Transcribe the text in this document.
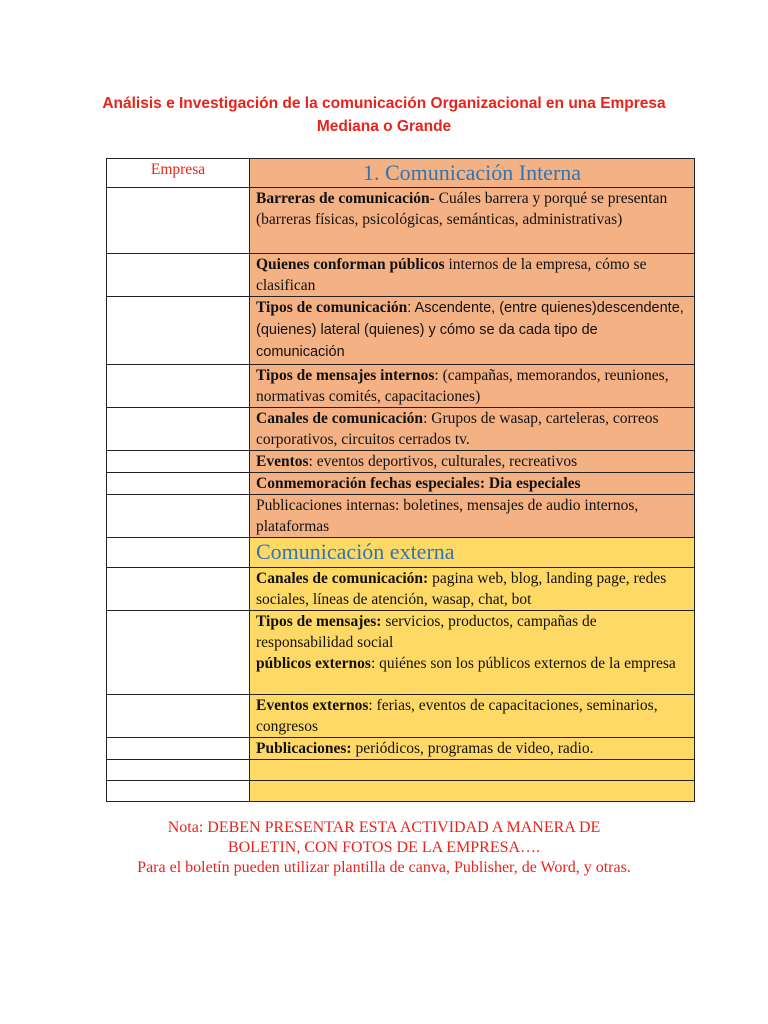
Análisis e Investigación de la comunicación Organizacional en una Empresa
Mediana o Grande
Empresa	1. Comunicación Interna
	Barreras de comunicación- Cuáles barrera y porqué se presentan (barreras físicas, psicológicas, semánticas, administrativas)
	Quienes conforman públicos internos de la empresa, cómo se clasifican
	Tipos de comunicación: Ascendente, (entre quienes)descendente, (quienes) lateral (quienes) y cómo se da cada tipo de comunicación
	Tipos de mensajes internos: (campañas, memorandos, reuniones, normativas comités, capacitaciones)
	Canales de comunicación: Grupos de wasap, carteleras, correos corporativos, circuitos cerrados tv.
	Eventos: eventos deportivos, culturales, recreativos
	Conmemoración fechas especiales: Dia especiales
	Publicaciones internas: boletines, mensajes de audio internos, plataformas
	Comunicación externa
	Canales de comunicación: pagina web, blog, landing page, redes sociales, líneas de atención, wasap, chat, bot
	Tipos de mensajes: servicios, productos, campañas de responsabilidad social
públicos externos: quiénes son los públicos externos de la empresa
	Eventos externos: ferias, eventos de capacitaciones, seminarios, congresos
	Publicaciones: periódicos, programas de video, radio.

Nota: DEBEN PRESENTAR ESTA ACTIVIDAD A MANERA DE
BOLETIN, CON FOTOS DE LA EMPRESA….
Para el boletín pueden utilizar plantilla de canva, Publisher, de Word, y otras.
